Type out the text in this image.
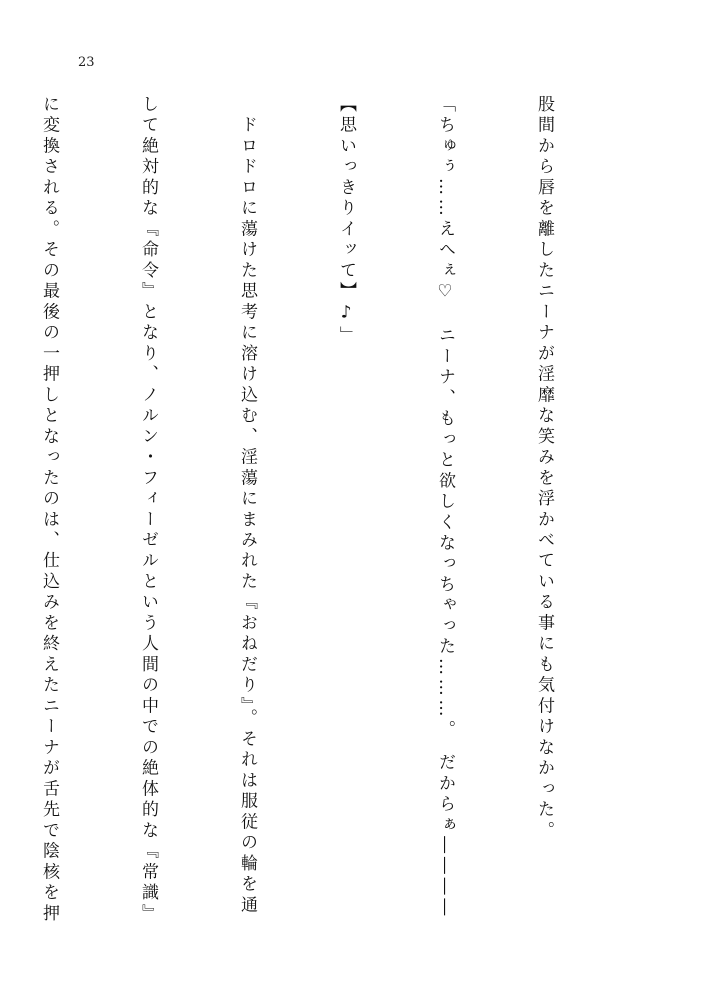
23

股間から唇を離したニーナが淫靡な笑みを浮かべている事にも気付けなかった。

「ちゅぅ……えへぇ♡　ニーナ、もっと欲しくなっちゃった………。　だからぁ――――

【思いっきりイッて】♪」

　ドロドロに蕩けた思考に溶け込む、淫蕩にまみれた『おねだり』。それは服従の輪を通

して絶対的な『命令』となり、ノルン・フィーゼルという人間の中での絶体的な『常識』

に変換される。その最後の一押しとなったのは、仕込みを終えたニーナが舌先で陰核を押
